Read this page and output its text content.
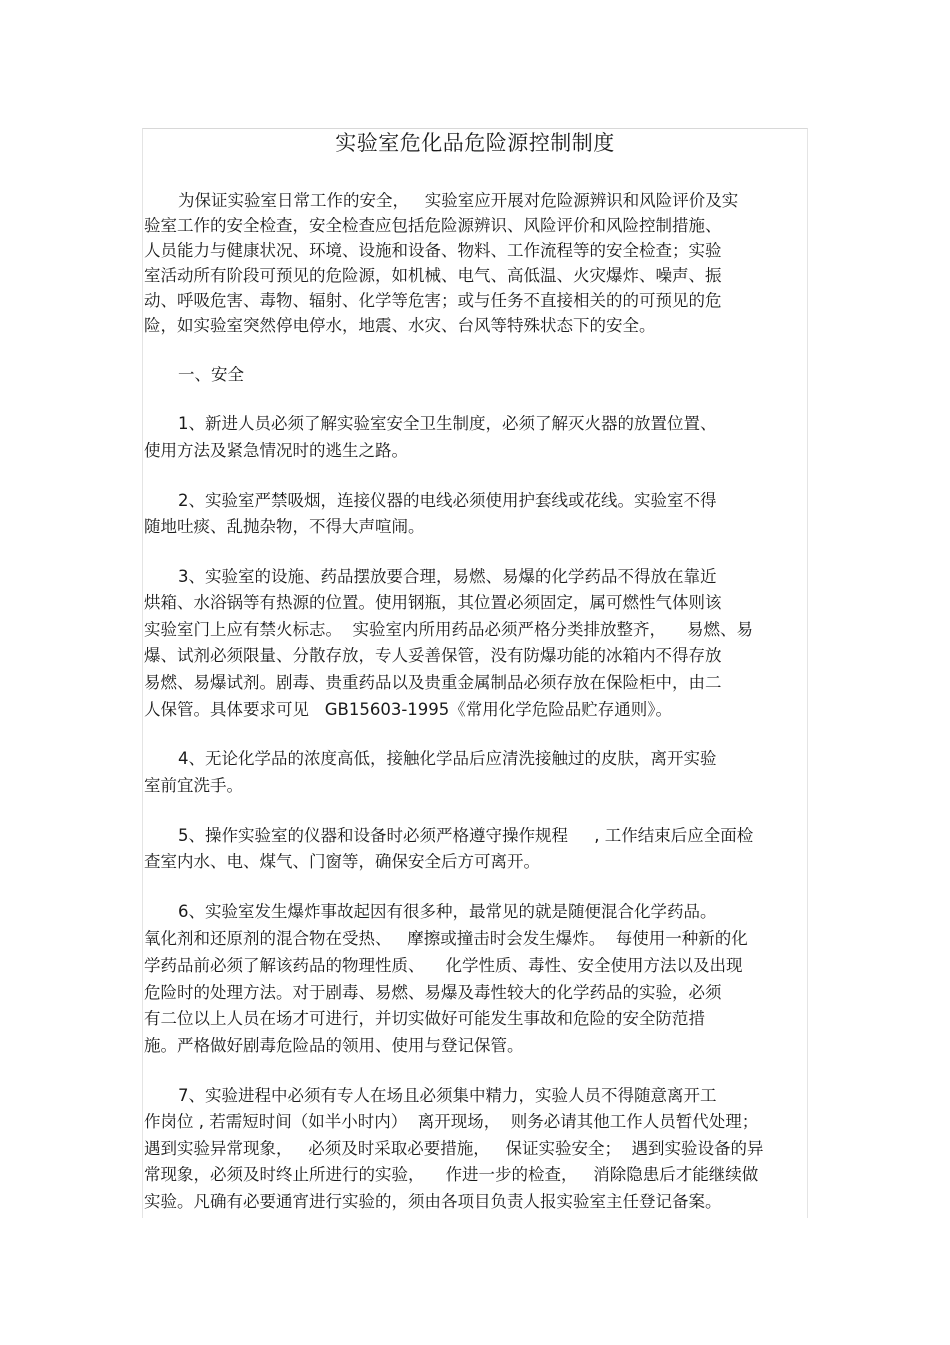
实验室危化品危险源控制制度

为保证实验室日常工作的安全，   实验室应开展对危险源辨识和风险评价及实

验室工作的安全检查，安全检查应包括危险源辨识、风险评价和风险控制措施、

人员能力与健康状况、环境、设施和设备、物料、工作流程等的安全检查；实验

室活动所有阶段可预见的危险源，如机械、电气、高低温、火灾爆炸、噪声、振

动、呼吸危害、毒物、辐射、化学等危害；或与任务不直接相关的的可预见的危

险，如实验室突然停电停水，地震、水灾、台风等特殊状态下的安全。

一、安全

1、新进人员必须了解实验室安全卫生制度，必须了解灭火器的放置位置、

使用方法及紧急情况时的逃生之路。

2、实验室严禁吸烟，连接仪器的电线必须使用护套线或花线。实验室不得

随地吐痰、乱抛杂物，不得大声喧闹。

3、实验室的设施、药品摆放要合理，易燃、易爆的化学药品不得放在靠近

烘箱、水浴锅等有热源的位置。使用钢瓶，其位置必须固定，属可燃性气体则该

实验室门上应有禁火标志。  实验室内所用药品必须严格分类排放整齐，    易燃、易

爆、试剂必须限量、分散存放，专人妥善保管，没有防爆功能的冰箱内不得存放

易燃、易爆试剂。剧毒、贵重药品以及贵重金属制品必须存放在保险柜中，由二

人保管。具体要求可见   GB15603-1995《常用化学危险品贮存通则》。

4、无论化学品的浓度高低，接触化学品后应清洗接触过的皮肤，离开实验

室前宜洗手。

5、操作实验室的仪器和设备时必须严格遵守操作规程     , 工作结束后应全面检

查室内水、电、煤气、门窗等，确保安全后方可离开。

6、实验室发生爆炸事故起因有很多种，最常见的就是随便混合化学药品。

氧化剂和还原剂的混合物在受热、   摩擦或撞击时会发生爆炸。  每使用一种新的化

学药品前必须了解该药品的物理性质、    化学性质、毒性、安全使用方法以及出现

危险时的处理方法。对于剧毒、易燃、易爆及毒性较大的化学药品的实验，必须

有二位以上人员在场才可进行，并切实做好可能发生事故和危险的安全防范措

施。严格做好剧毒危险品的领用、使用与登记保管。

7、实验进程中必须有专人在场且必须集中精力，实验人员不得随意离开工

作岗位 , 若需短时间（如半小时内）  离开现场，  则务必请其他工作人员暂代处理；

遇到实验异常现象，   必须及时采取必要措施，   保证实验安全；  遇到实验设备的异

常现象，必须及时终止所进行的实验，    作进一步的检查，   消除隐患后才能继续做

实验。凡确有必要通宵进行实验的，须由各项目负责人报实验室主任登记备案。
